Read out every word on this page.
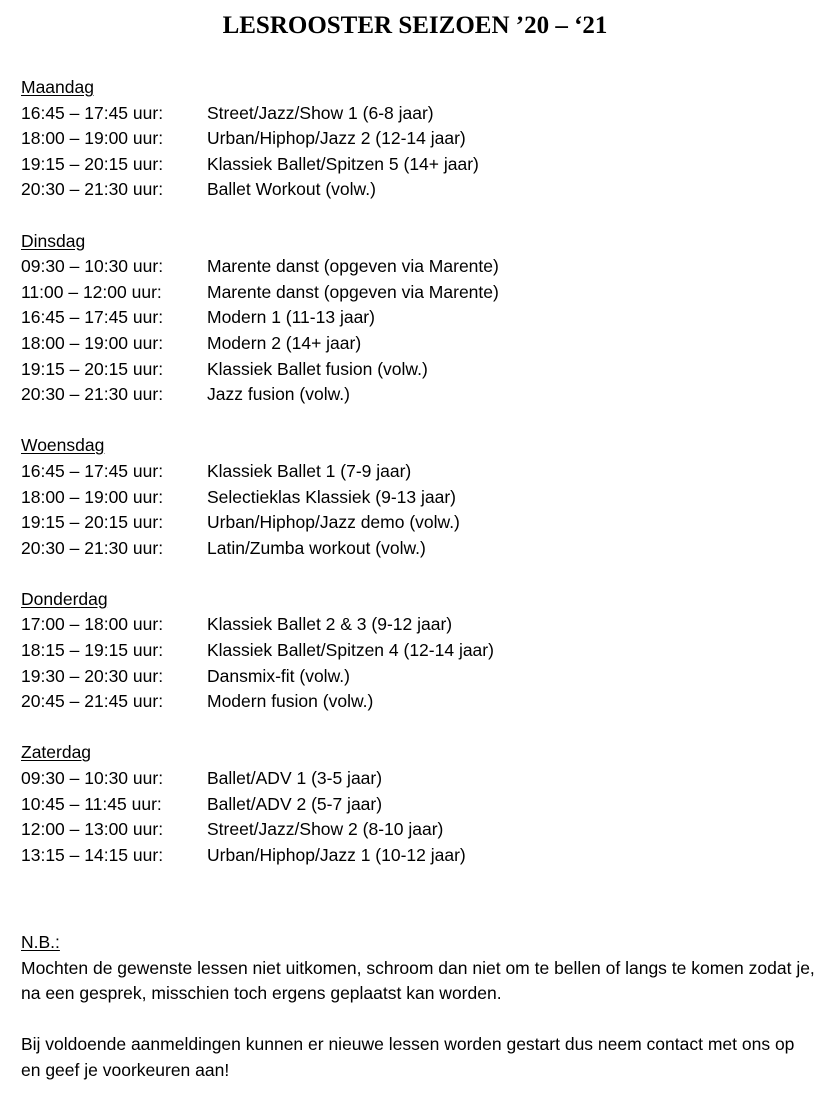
LESROOSTER SEIZOEN ’20 – ‘21
Maandag
16:45 – 17:45 uur:	Street/Jazz/Show 1 (6-8 jaar)
18:00 – 19:00 uur:	Urban/Hiphop/Jazz 2 (12-14 jaar)
19:15 – 20:15 uur:	Klassiek Ballet/Spitzen 5 (14+ jaar)
20:30 – 21:30 uur:	Ballet Workout (volw.)
Dinsdag
09:30 – 10:30 uur:	Marente danst (opgeven via Marente)
11:00 – 12:00 uur:	Marente danst (opgeven via Marente)
16:45 – 17:45 uur:	Modern 1 (11-13 jaar)
18:00 – 19:00 uur:	Modern 2 (14+ jaar)
19:15 – 20:15 uur:	Klassiek Ballet fusion (volw.)
20:30 – 21:30 uur:	Jazz fusion (volw.)
Woensdag
16:45 – 17:45 uur:	Klassiek Ballet 1 (7-9 jaar)
18:00 – 19:00 uur:	Selectieklas Klassiek (9-13 jaar)
19:15 – 20:15 uur:	Urban/Hiphop/Jazz demo (volw.)
20:30 – 21:30 uur:	Latin/Zumba workout (volw.)
Donderdag
17:00 – 18:00 uur:	Klassiek Ballet 2 & 3 (9-12 jaar)
18:15 – 19:15 uur:	Klassiek Ballet/Spitzen 4 (12-14 jaar)
19:30 – 20:30 uur:	Dansmix-fit (volw.)
20:45 – 21:45 uur:	Modern fusion (volw.)
Zaterdag
09:30 – 10:30 uur:	Ballet/ADV 1 (3-5 jaar)
10:45 – 11:45 uur:	Ballet/ADV 2 (5-7 jaar)
12:00 – 13:00 uur:	Street/Jazz/Show 2 (8-10 jaar)
13:15 – 14:15 uur:	Urban/Hiphop/Jazz 1 (10-12 jaar)
N.B.:

Mochten de gewenste lessen niet uitkomen, schroom dan niet om te bellen of langs te komen zodat je, na een gesprek, misschien toch ergens geplaatst kan worden.

Bij voldoende aanmeldingen kunnen er nieuwe lessen worden gestart dus neem contact met ons op en geef je voorkeuren aan!
